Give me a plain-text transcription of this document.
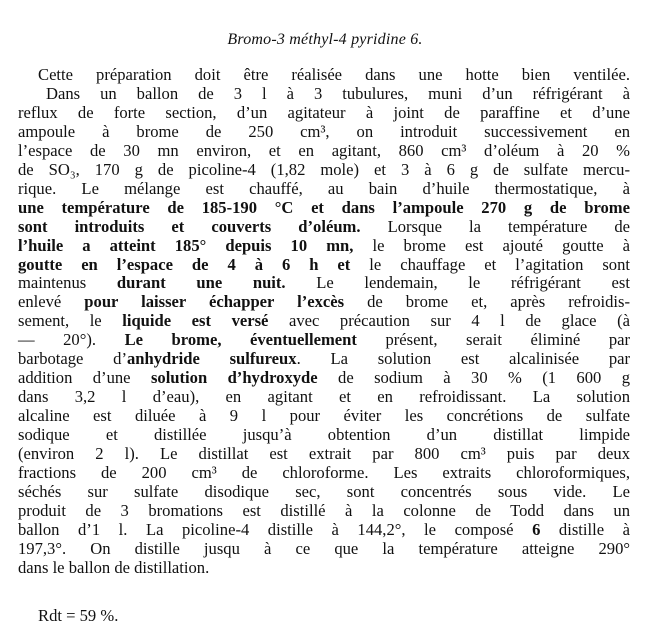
Bromo-3 méthyl-4 pyridine 6.
Cette préparation doit être réalisée dans une hotte bien ventilée.
Dans un ballon de 3 l à 3 tubulures, muni d’un réfrigérant à
reflux de forte section, d’un agitateur à joint de paraffine et d’une
ampoule à brome de 250 cm³, on introduit successivement en
l’espace de 30 mn environ, et en agitant, 860 cm³ d’oléum à 20 %
de SO₃, 170 g de picoline-4 (1,82 mole) et 3 à 6 g de sulfate mercu-
rique. Le mélange est chauffé, au bain d’huile thermostatique, à
une température de 185-190 °C et dans l’ampoule 270 g de brome
sont introduits et couverts d’oléum. Lorsque la température de
l’huile a atteint 185° depuis 10 mn, le brome est ajouté goutte à
goutte en l’espace de 4 à 6 h et le chauffage et l’agitation sont
maintenus durant une nuit. Le lendemain, le réfrigérant est
enlevé pour laisser échapper l’excès de brome et, après refroidis-
sement, le liquide est versé avec précaution sur 4 l de glace (à
— 20°). Le brome, éventuellement présent, serait éliminé par
barbotage d’anhydride sulfureux. La solution est alcalinisée par
addition d’une solution d’hydroxyde de sodium à 30 % (1 600 g
dans 3,2 l d’eau), en agitant et en refroidissant. La solution
alcaline est diluée à 9 l pour éviter les concrétions de sulfate
sodique et distillée jusqu’à obtention d’un distillat limpide
(environ 2 l). Le distillat est extrait par 800 cm³ puis par deux
fractions de 200 cm³ de chloroforme. Les extraits chloroformiques,
séchés sur sulfate disodique sec, sont concentrés sous vide. Le
produit de 3 bromations est distillé à la colonne de Todd dans un
ballon d’1 l. La picoline-4 distille à 144,2°, le composé 6 distille à
197,3°. On distille jusqu à ce que la température atteigne 290°
dans le ballon de distillation.
Rdt = 59 %.
